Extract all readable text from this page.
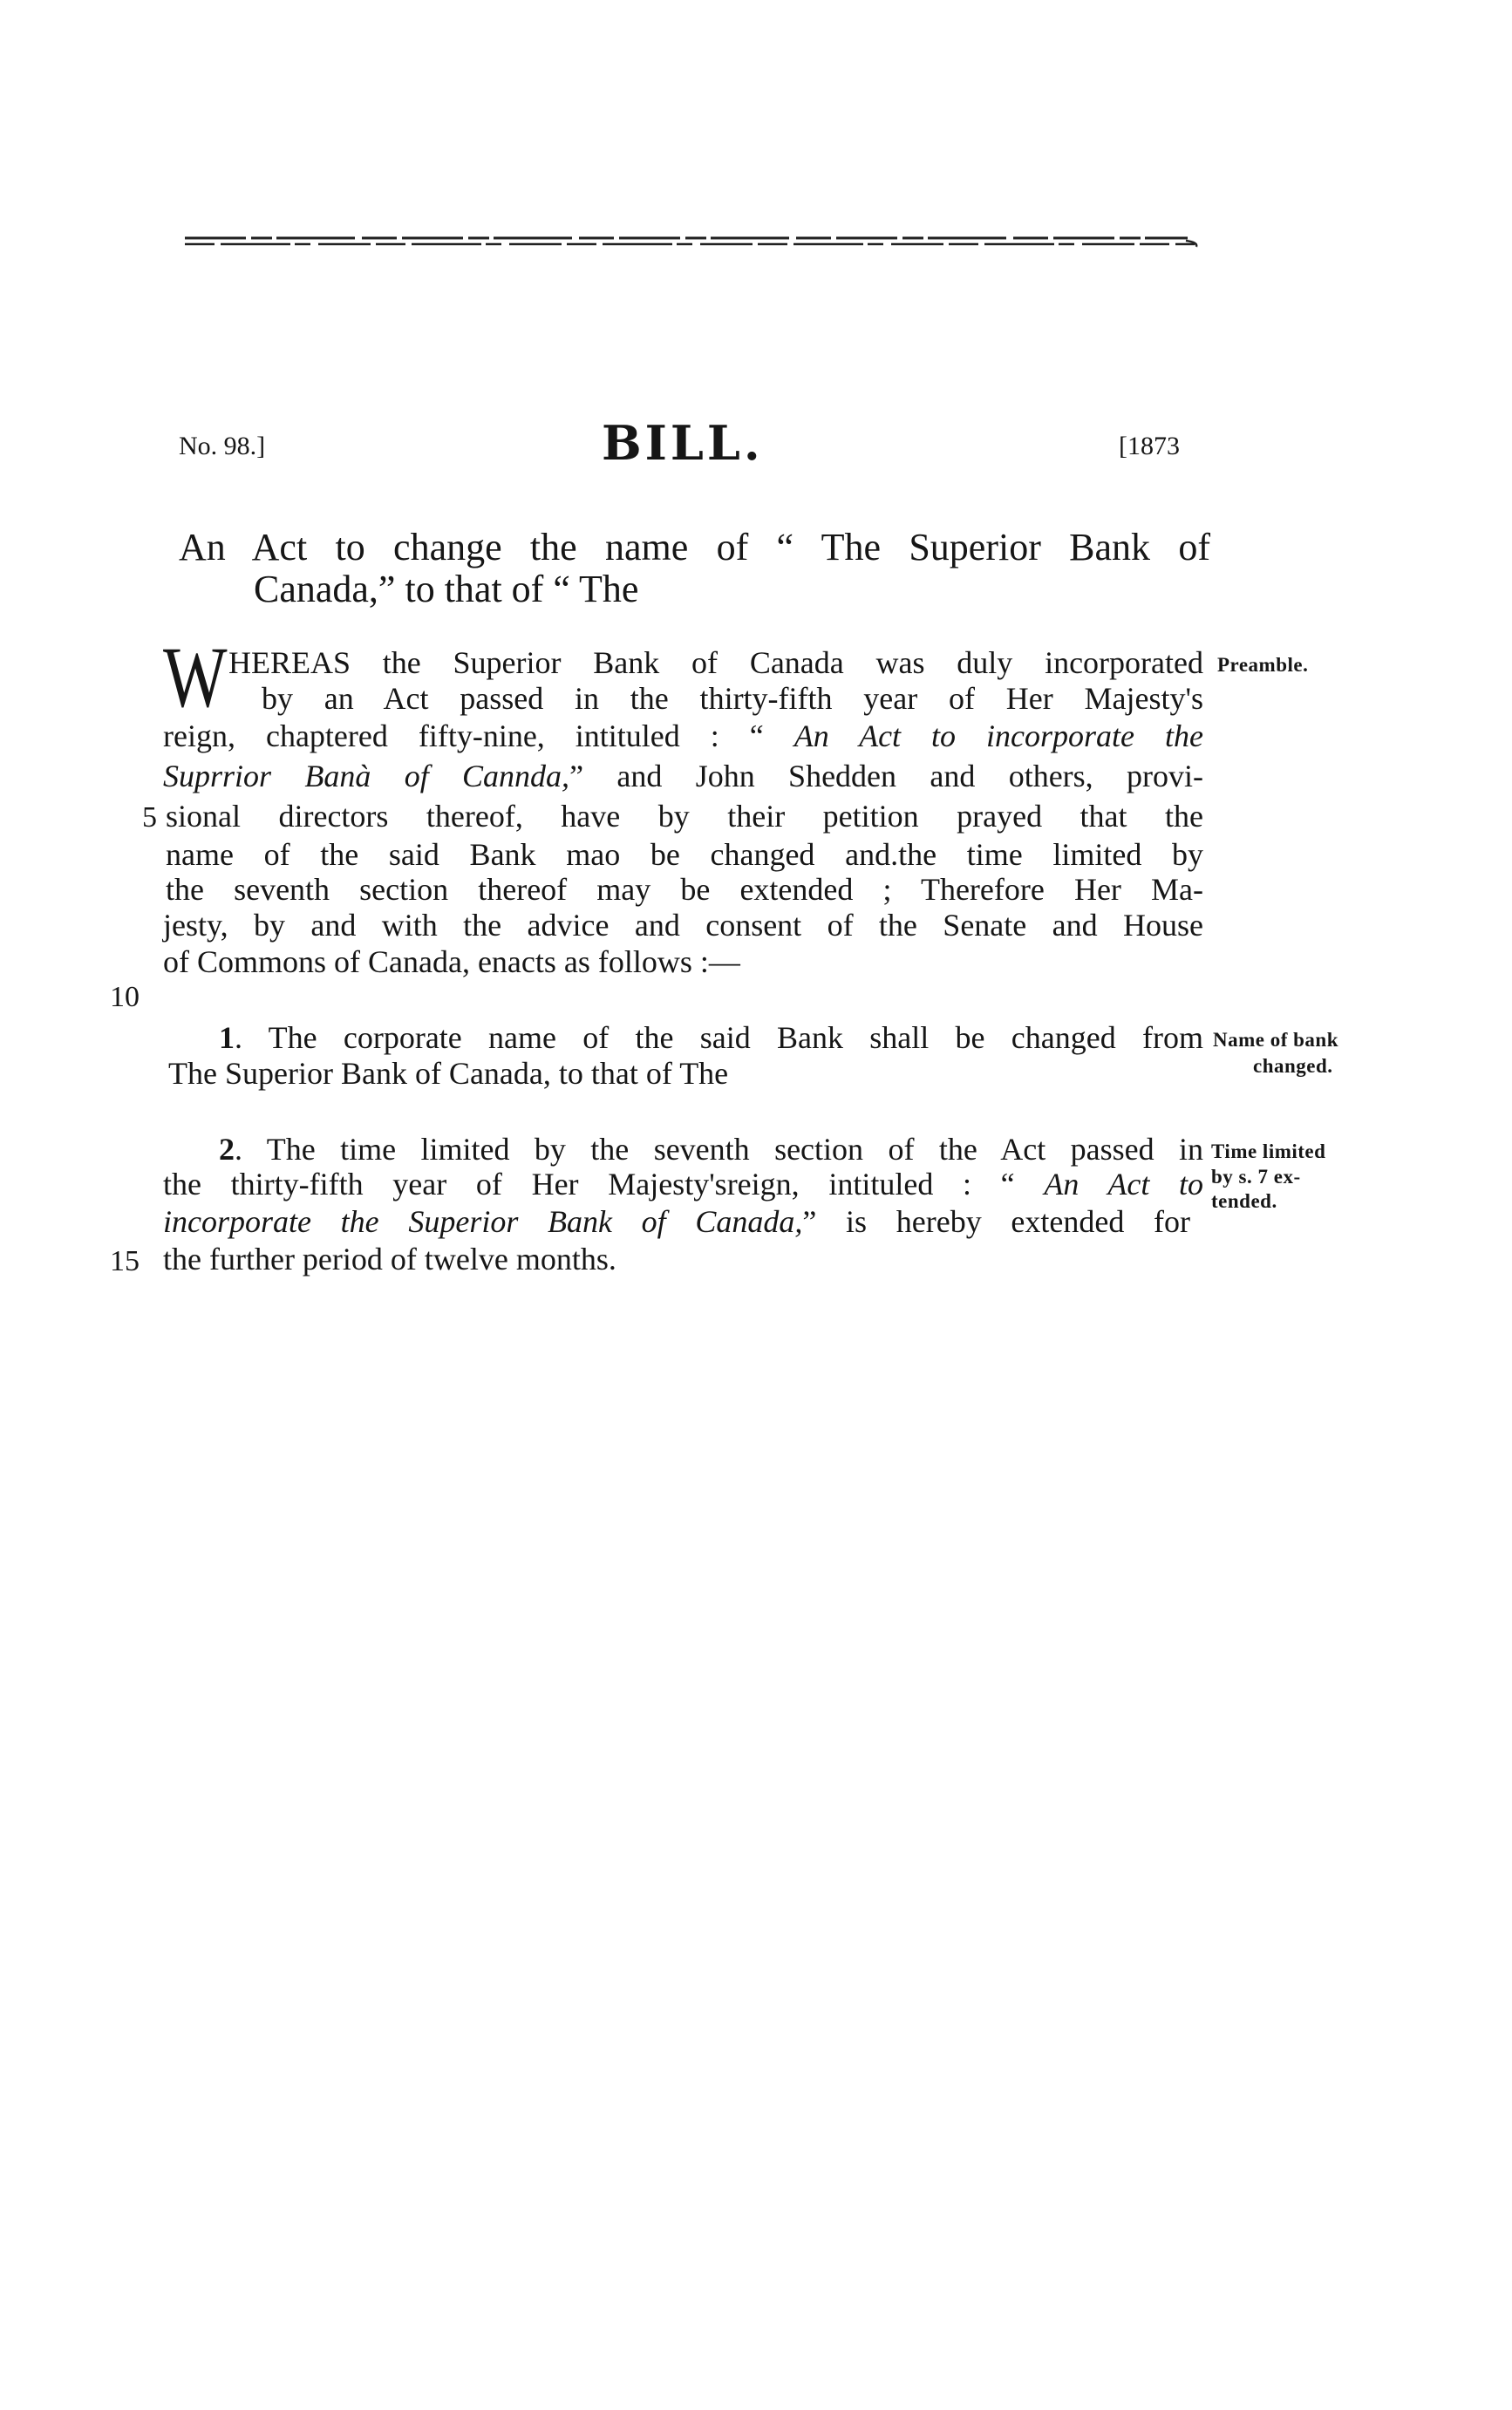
No. 98.]	BILL.	[1873
An Act to change the name of “ The Superior Bank of
Canada,” to that of “ The
W HEREAS the Superior Bank of Canada was duly incorporated
by an Act passed in the thirty-fifth year of Her Majesty's
reign, chaptered fifty-nine, intituled : “ An Act to incorporate the
Suprrior Banà of Cannda,” and John Shedden and others, provi-
sional directors thereof, have by their petition prayed that the
name of the said Bank mao be changed and.the time limited by
the seventh section thereof may be extended ; Therefore Her Ma-
jesty, by and with the advice and consent of the Senate and House
of Commons of Canada, enacts as follows :—
1. The corporate name of the said Bank shall be changed from
The Superior Bank of Canada, to that of The
2. The time limited by the seventh section of the Act passed in
the thirty-fifth year of Her Majesty'sreign, intituled : “ An Act to
incorporate the Superior Bank of Canada,” is hereby extended for
the further period of twelve months.
5
10
15
Preamble.
Name of bank
changed.
Time limited
by s. 7 ex-
tended.
